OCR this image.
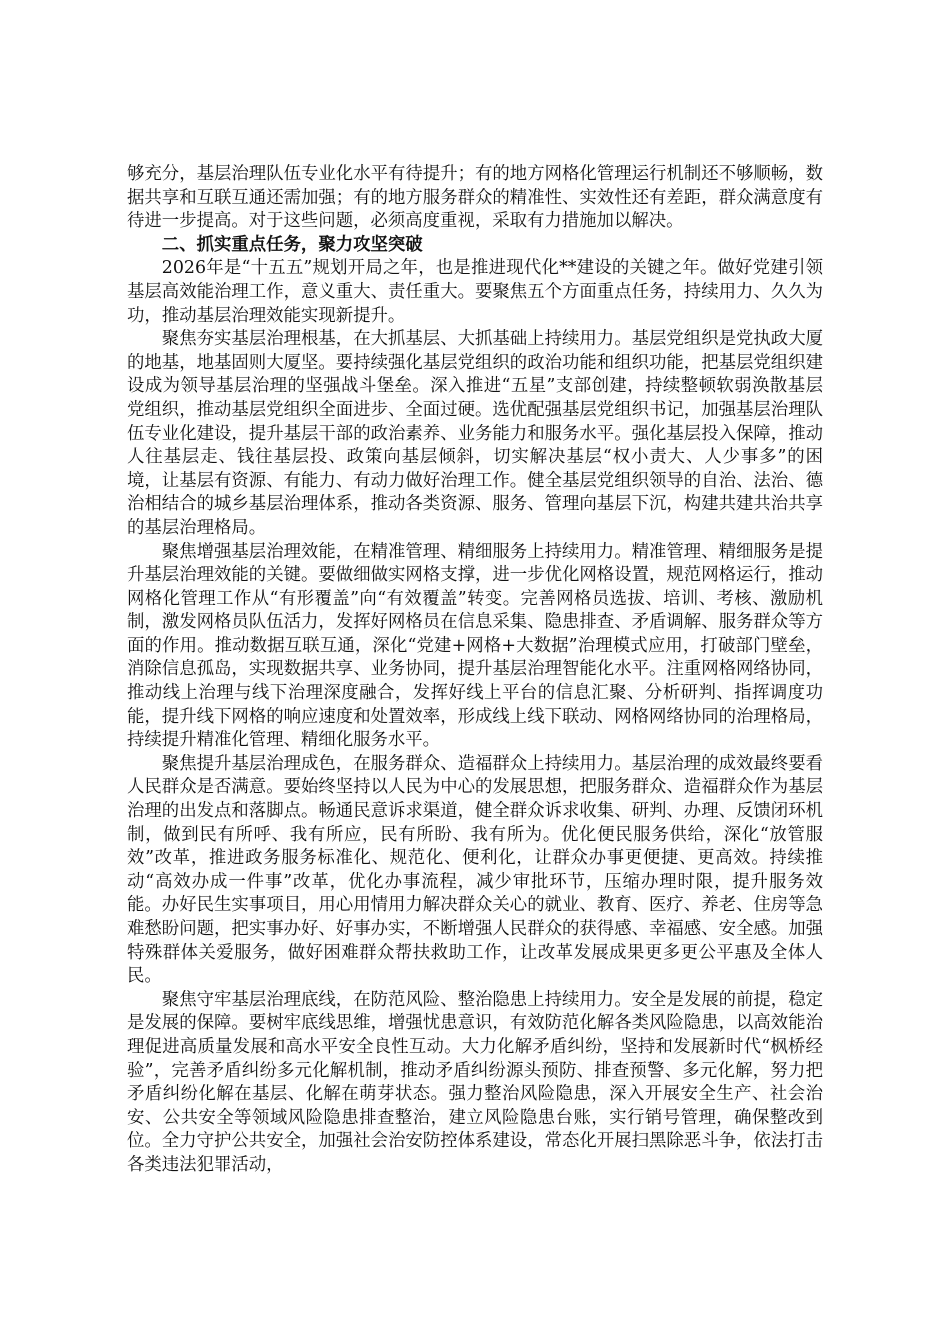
够充分，基层治理队伍专业化水平有待提升；有的地方网格化管理运行机制还不够顺畅，数据共享和互联互通还需加强；有的地方服务群众的精准性、实效性还有差距，群众满意度有待进一步提高。对于这些问题，必须高度重视，采取有力措施加以解决。

二、抓实重点任务，聚力攻坚突破

2026年是“十五五”规划开局之年，也是推进现代化**建设的关键之年。做好党建引领基层高效能治理工作，意义重大、责任重大。要聚焦五个方面重点任务，持续用力、久久为功，推动基层治理效能实现新提升。

聚焦夯实基层治理根基，在大抓基层、大抓基础上持续用力。基层党组织是党执政大厦的地基，地基固则大厦坚。要持续强化基层党组织的政治功能和组织功能，把基层党组织建设成为领导基层治理的坚强战斗堡垒。深入推进“五星”支部创建，持续整顿软弱涣散基层党组织，推动基层党组织全面进步、全面过硬。选优配强基层党组织书记，加强基层治理队伍专业化建设，提升基层干部的政治素养、业务能力和服务水平。强化基层投入保障，推动人往基层走、钱往基层投、政策向基层倾斜，切实解决基层“权小责大、人少事多”的困境，让基层有资源、有能力、有动力做好治理工作。健全基层党组织领导的自治、法治、德治相结合的城乡基层治理体系，推动各类资源、服务、管理向基层下沉，构建共建共治共享的基层治理格局。

聚焦增强基层治理效能，在精准管理、精细服务上持续用力。精准管理、精细服务是提升基层治理效能的关键。要做细做实网格支撑，进一步优化网格设置，规范网格运行，推动网格化管理工作从“有形覆盖”向“有效覆盖”转变。完善网格员选拔、培训、考核、激励机制，激发网格员队伍活力，发挥好网格员在信息采集、隐患排查、矛盾调解、服务群众等方面的作用。推动数据互联互通，深化“党建+网格+大数据”治理模式应用，打破部门壁垒，消除信息孤岛，实现数据共享、业务协同，提升基层治理智能化水平。注重网格网络协同，推动线上治理与线下治理深度融合，发挥好线上平台的信息汇聚、分析研判、指挥调度功能，提升线下网格的响应速度和处置效率，形成线上线下联动、网格网络协同的治理格局，持续提升精准化管理、精细化服务水平。

聚焦提升基层治理成色，在服务群众、造福群众上持续用力。基层治理的成效最终要看人民群众是否满意。要始终坚持以人民为中心的发展思想，把服务群众、造福群众作为基层治理的出发点和落脚点。畅通民意诉求渠道，健全群众诉求收集、研判、办理、反馈闭环机制，做到民有所呼、我有所应，民有所盼、我有所为。优化便民服务供给，深化“放管服效”改革，推进政务服务标准化、规范化、便利化，让群众办事更便捷、更高效。持续推动“高效办成一件事”改革，优化办事流程，减少审批环节，压缩办理时限，提升服务效能。办好民生实事项目，用心用情用力解决群众关心的就业、教育、医疗、养老、住房等急难愁盼问题，把实事办好、好事办实，不断增强人民群众的获得感、幸福感、安全感。加强特殊群体关爱服务，做好困难群众帮扶救助工作，让改革发展成果更多更公平惠及全体人民。

聚焦守牢基层治理底线，在防范风险、整治隐患上持续用力。安全是发展的前提，稳定是发展的保障。要树牢底线思维，增强忧患意识，有效防范化解各类风险隐患，以高效能治理促进高质量发展和高水平安全良性互动。大力化解矛盾纠纷，坚持和发展新时代“枫桥经验”，完善矛盾纠纷多元化解机制，推动矛盾纠纷源头预防、排查预警、多元化解，努力把矛盾纠纷化解在基层、化解在萌芽状态。强力整治风险隐患，深入开展安全生产、社会治安、公共安全等领域风险隐患排查整治，建立风险隐患台账，实行销号管理，确保整改到位。全力守护公共安全，加强社会治安防控体系建设，常态化开展扫黑除恶斗争，依法打击各类违法犯罪活动，
